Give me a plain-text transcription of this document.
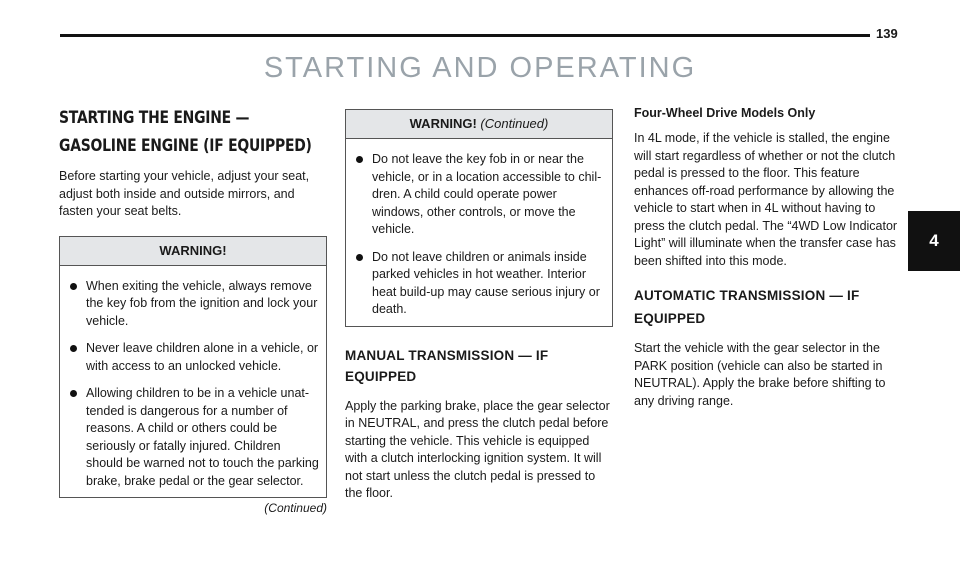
139
STARTING AND OPERATING
4
STARTING THE ENGINE — GASOLINE ENGINE (IF EQUIPPED)

Before starting your vehicle, adjust your seat, adjust both inside and outside mirrors, and fasten your seat belts.

WARNING!
When exiting the vehicle, always remove the key fob from the ignition and lock your vehicle.
Never leave children alone in a vehicle, or with access to an unlocked vehicle.
Allowing children to be in a vehicle unat-tended is dangerous for a number of reasons. A child or others could be seriously or fatally injured. Children should be warned not to touch the parking brake, brake pedal or the gear selector.
(Continued)
WARNING! (Continued)
Do not leave the key fob in or near the vehicle, or in a location accessible to chil-dren. A child could operate power windows, other controls, or move the vehicle.
Do not leave children or animals inside parked vehicles in hot weather. Interior heat build-up may cause serious injury or death.
MANUAL TRANSMISSION — IF EQUIPPED

Apply the parking brake, place the gear selector in NEUTRAL, and press the clutch pedal before starting the vehicle. This vehicle is equipped with a clutch interlocking ignition system. It will not start unless the clutch pedal is pressed to the floor.

Four-Wheel Drive Models Only

In 4L mode, if the vehicle is stalled, the engine will start regardless of whether or not the clutch pedal is pressed to the floor. This feature enhances off-road performance by allowing the vehicle to start when in 4L without having to press the clutch pedal. The “4WD Low Indicator Light” will illuminate when the transfer case has been shifted into this mode.

AUTOMATIC TRANSMISSION — IF EQUIPPED

Start the vehicle with the gear selector in the PARK position (vehicle can also be started in NEUTRAL). Apply the brake before shifting to any driving range.
